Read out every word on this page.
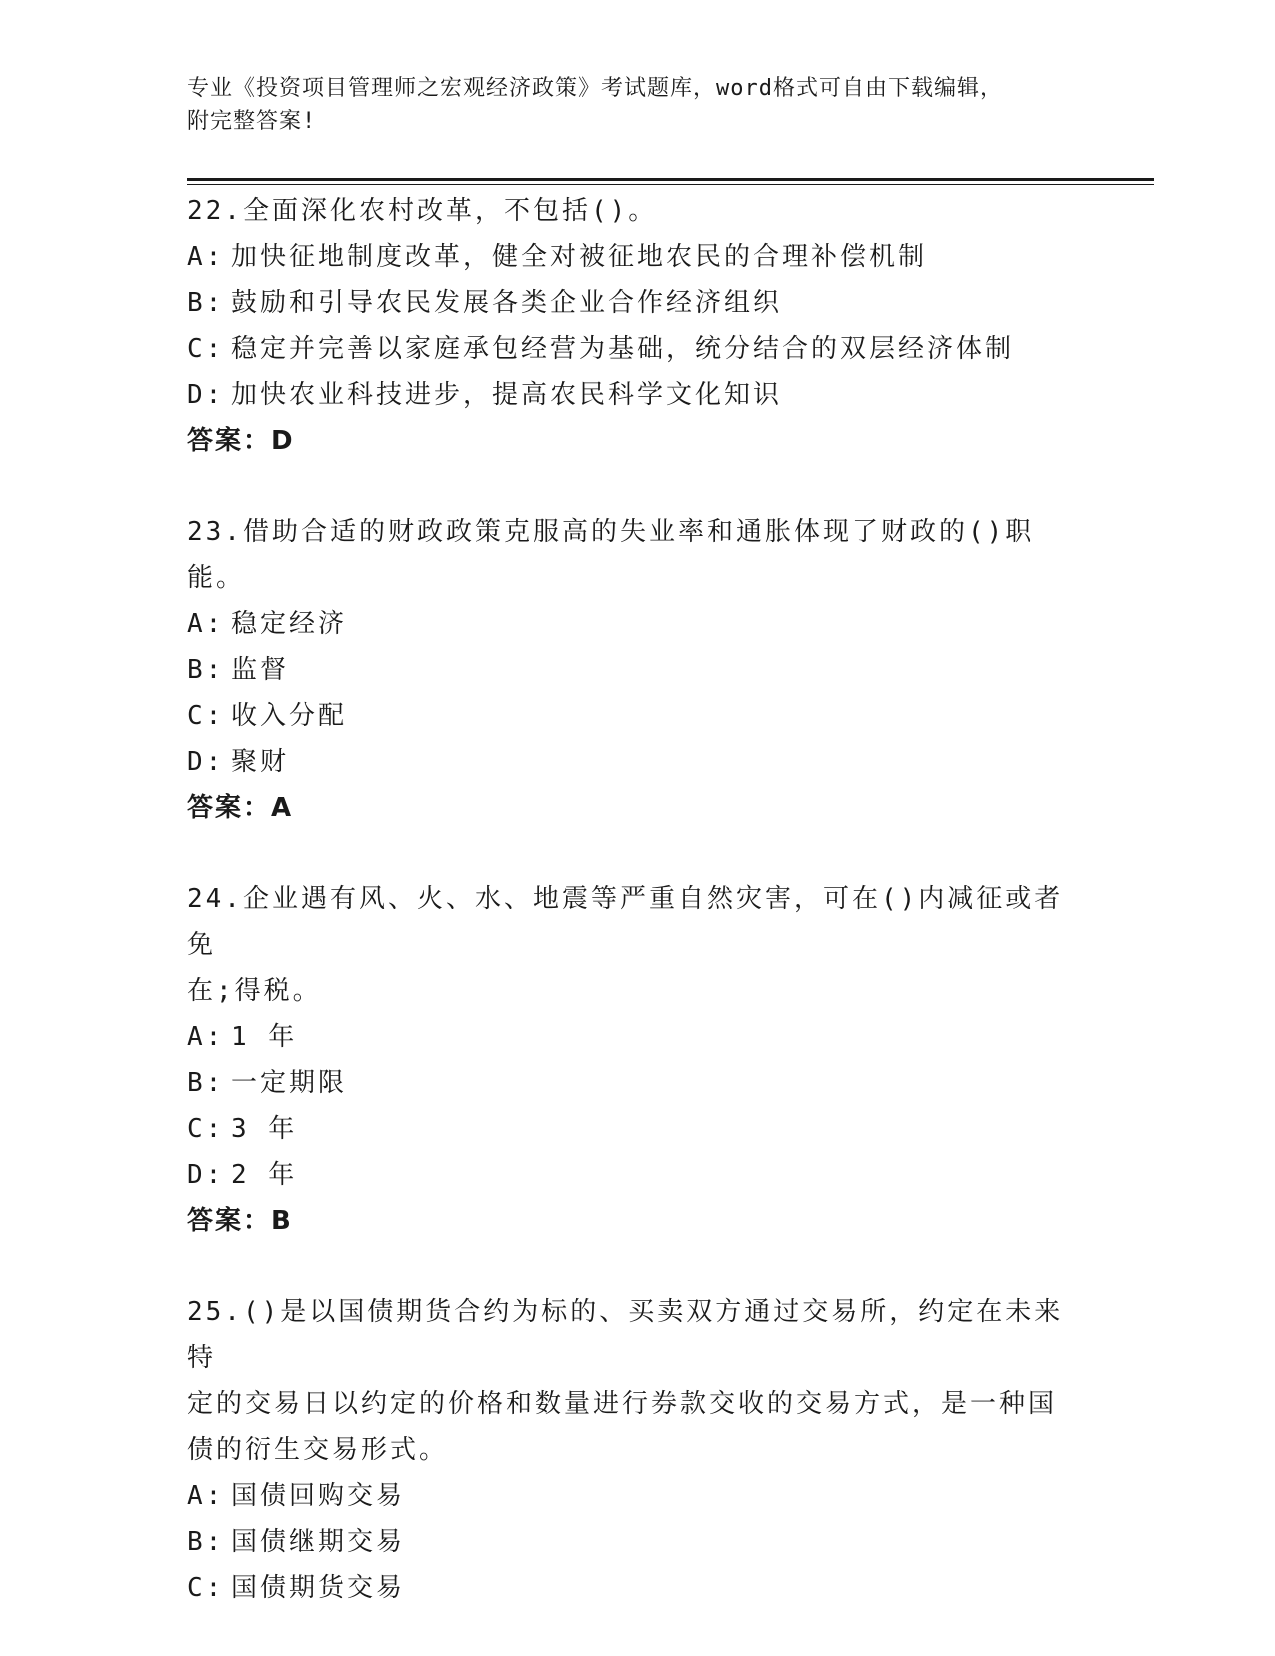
专业《投资项目管理师之宏观经济政策》考试题库，word格式可自由下载编辑，
附完整答案!
22.全面深化农村改革，不包括()。
A: 加快征地制度改革，健全对被征地农民的合理补偿机制
B: 鼓励和引导农民发展各类企业合作经济组织
C: 稳定并完善以家庭承包经营为基础，统分结合的双层经济体制
D: 加快农业科技进步，提高农民科学文化知识
答案：D
23.借助合适的财政政策克服高的失业率和通胀体现了财政的()职能。
A: 稳定经济
B: 监督
C: 收入分配
D: 聚财
答案：A
24.企业遇有风、火、水、地震等严重自然灾害，可在()内减征或者免
在;得税。
A: 1 年
B: 一定期限
C: 3 年
D: 2 年
答案：B
25.()是以国债期货合约为标的、买卖双方通过交易所，约定在未来特
定的交易日以约定的价格和数量进行券款交收的交易方式，是一种国
债的衍生交易形式。
A: 国债回购交易
B: 国债继期交易
C: 国债期货交易
